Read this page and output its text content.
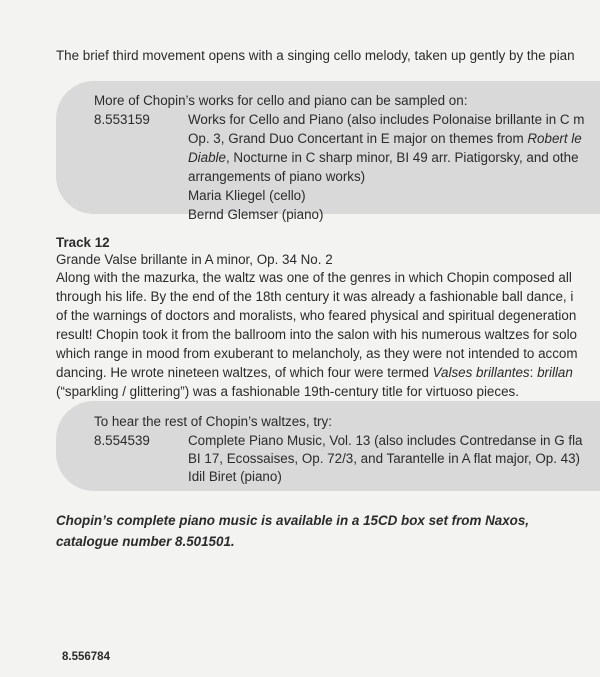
The brief third movement opens with a singing cello melody, taken up gently by the pian
More of Chopin’s works for cello and piano can be sampled on:
8.553159	Works for Cello and Piano (also includes Polonaise brillante in C m
Op. 3, Grand Duo Concertant in E major on themes from Robert le
Diable, Nocturne in C sharp minor, BI 49 arr. Piatigorsky, and othe
arrangements of piano works)
Maria Kliegel (cello)
Bernd Glemser (piano)
Track 12
Grande Valse brillante in A minor, Op. 34 No. 2
Along with the mazurka, the waltz was one of the genres in which Chopin composed all
through his life. By the end of the 18th century it was already a fashionable ball dance, i
of the warnings of doctors and moralists, who feared physical and spiritual degeneration
result! Chopin took it from the ballroom into the salon with his numerous waltzes for solo
which range in mood from exuberant to melancholy, as they were not intended to accom
dancing. He wrote nineteen waltzes, of which four were termed Valses brillantes: brillan
(“sparkling / glittering”) was a fashionable 19th-century title for virtuoso pieces.
To hear the rest of Chopin’s waltzes, try:
8.554539	Complete Piano Music, Vol. 13 (also includes Contredanse in G fla
BI 17, Ecossaises, Op. 72/3, and Tarantelle in A flat major, Op. 43)
Idil Biret (piano)
Chopin’s complete piano music is available in a 15CD box set from Naxos,
catalogue number 8.501501.
8.556784
